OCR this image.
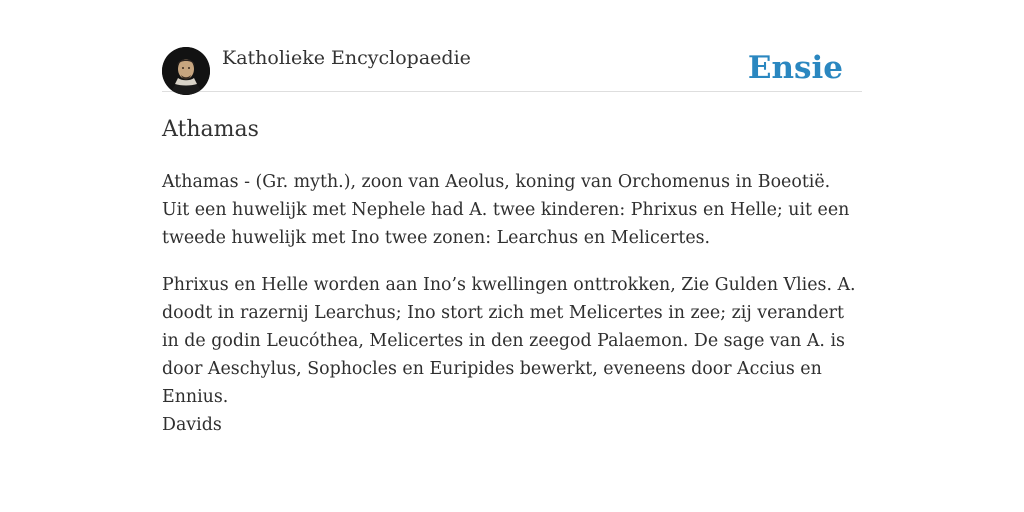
Katholieke Encyclopaedie	Ensie
Athamas

Athamas - (Gr. myth.), zoon van Aeolus, koning van Orchomenus in Boeotië. Uit een huwelijk met Nephele had A. twee kinderen: Phrixus en Helle; uit een tweede huwelijk met Ino twee zonen: Learchus en Melicertes.

Phrixus en Helle worden aan Ino’s kwellingen onttrokken, Zie Gulden Vlies. A. doodt in razernij Learchus; Ino stort zich met Melicertes in zee; zij verandert in de godin Leucóthea, Melicertes in den zeegod Palaemon. De sage van A. is door Aeschylus, Sophocles en Euripides bewerkt, eveneens door Accius en Ennius.
Davids
